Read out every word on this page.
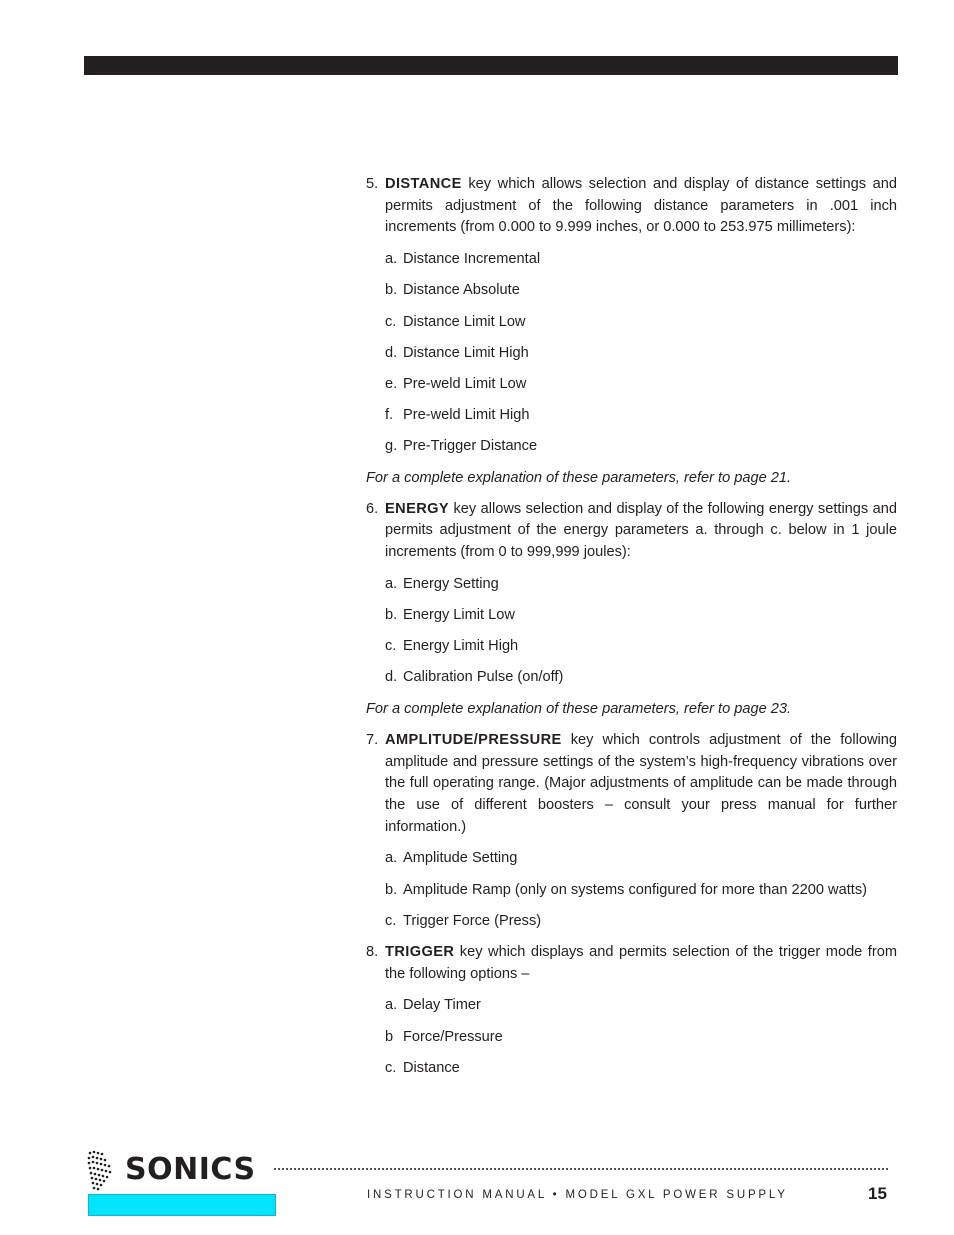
5. DISTANCE key which allows selection and display of distance settings and permits adjustment of the following distance parameters in .001 inch increments (from 0.000 to 9.999 inches, or 0.000 to 253.975 millimeters):
a. Distance Incremental
b. Distance Absolute
c. Distance Limit Low
d. Distance Limit High
e. Pre-weld Limit Low
f. Pre-weld Limit High
g. Pre-Trigger Distance
For a complete explanation of these parameters, refer to page 21.
6. ENERGY key allows selection and display of the following energy settings and permits adjustment of the energy parameters a. through c. below in 1 joule increments (from 0 to 999,999 joules):
a. Energy Setting
b. Energy Limit Low
c. Energy Limit High
d. Calibration Pulse (on/off)
For a complete explanation of these parameters, refer to page 23.
7. AMPLITUDE/PRESSURE key which controls adjustment of the following amplitude and pressure settings of the system’s high-frequency vibrations over the full operating range. (Major adjustments of amplitude can be made through the use of different boosters – consult your press manual for further information.)
a. Amplitude Setting
b. Amplitude Ramp (only on systems configured for more than 2200 watts)
c. Trigger Force (Press)
8. TRIGGER key which displays and permits selection of the trigger mode from the following options –
a. Delay Timer
b Force/Pressure
c. Distance
SONICS
INSTRUCTION MANUAL • MODEL GXL POWER SUPPLY	15
